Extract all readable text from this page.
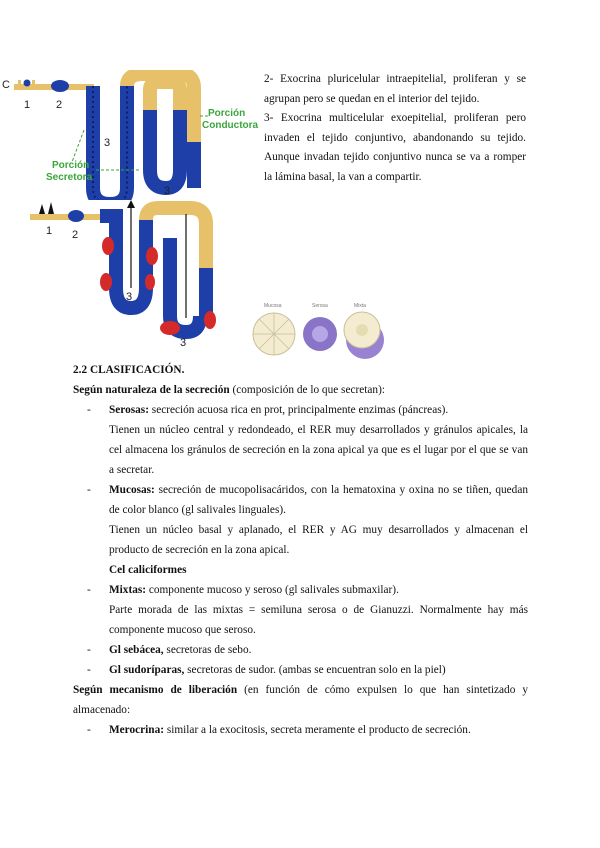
C
1 2
3
3
Porción
Conductora
Porción
Secretora
1 2
3
3
Mucosa	Serosa	Mixta

2- Exocrina pluricelular intraepitelial, proliferan y se agrupan pero se quedan en el interior del tejido.

3- Exocrina multicelular exoepitelial, proliferan pero invaden el tejido conjuntivo, abandonando su tejido. Aunque invadan tejido conjuntivo nunca se va a romper la lámina basal, la van a compartir.

2.2 CLASIFICACIÓN.

Según naturaleza de la secreción (composición de lo que secretan):

- Serosas: secreción acuosa rica en prot, principalmente enzimas (páncreas).

Tienen un núcleo central y redondeado, el RER muy desarrollados y gránulos apicales, la cel almacena los gránulos de secreción en la zona apical ya que es el lugar por el que se van a secretar.

- Mucosas: secreción de mucopolisacáridos, con la hematoxina y oxina no se tiñen, quedan de color blanco (gl salivales linguales).

Tienen un núcleo basal y aplanado, el RER y AG muy desarrollados y almacenan el producto de secreción en la zona apical.

Cel caliciformes

- Mixtas: componente mucoso y seroso (gl salivales submaxilar).

Parte morada de las mixtas = semiluna serosa o de Gianuzzi. Normalmente hay más componente mucoso que seroso.

- Gl sebácea, secretoras de sebo.

- Gl sudoríparas, secretoras de sudor. (ambas se encuentran solo en la piel)

Según mecanismo de liberación (en función de cómo expulsen lo que han sintetizado y almacenado:

- Merocrina: similar a la exocitosis, secreta meramente el producto de secreción.
